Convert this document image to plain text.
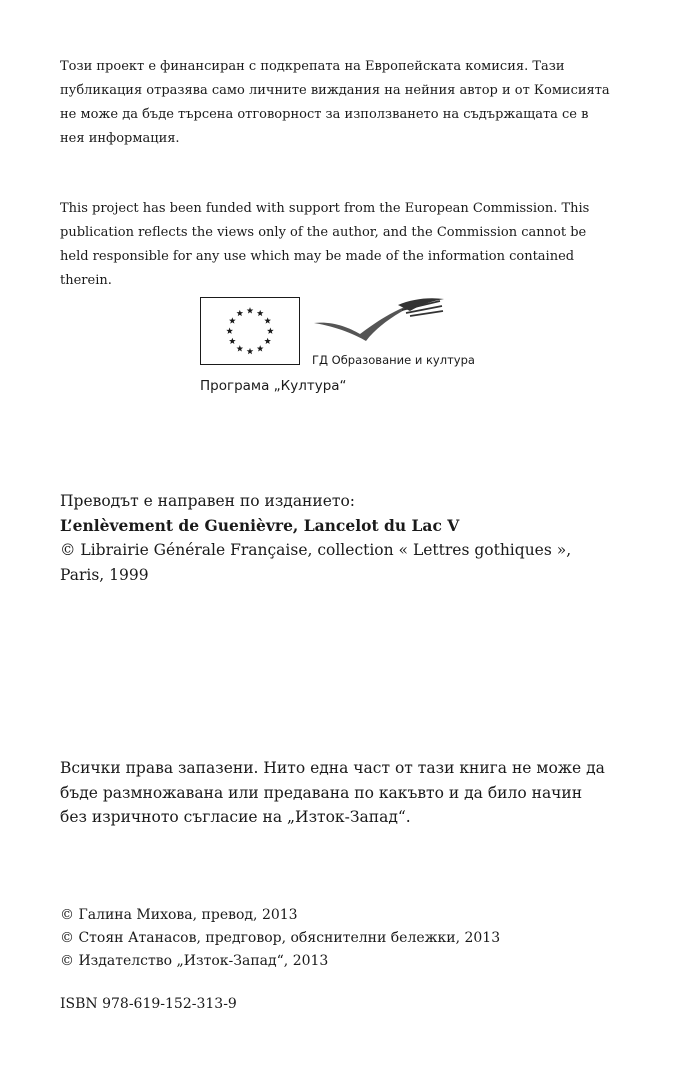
Този проект е финансиран с подкрепата на Европейската комисия. Тази

публикация отразява само личните виждания на нейния автор и от Комисията

не може да бъде търсена отговорност за използването на съдържащата се в

нея информация.

This project has been funded with support from the European Commission. This

publication reflects the views only of the author, and the Commission cannot be

held responsible for any use which may be made of the information contained

therein.

ГД Образование и култура
Програма „Култура“

Преводът е направен по изданието:

L’enlèvement de Guenièvre, Lancelot du Lac V

© Librairie Générale Française, collection « Lettres gothiques »,

Paris, 1999

Всички права запазени. Нито една част от тази книга не може да

бъде размножавана или предавана по какъвто и да било начин

без изричното съгласие на „Изток-Запад“.

© Галина Михова, превод, 2013

© Стоян Атанасов, предговор, обяснителни бележки, 2013

© Издателство „Изток-Запад“, 2013

ISBN 978-619-152-313-9
